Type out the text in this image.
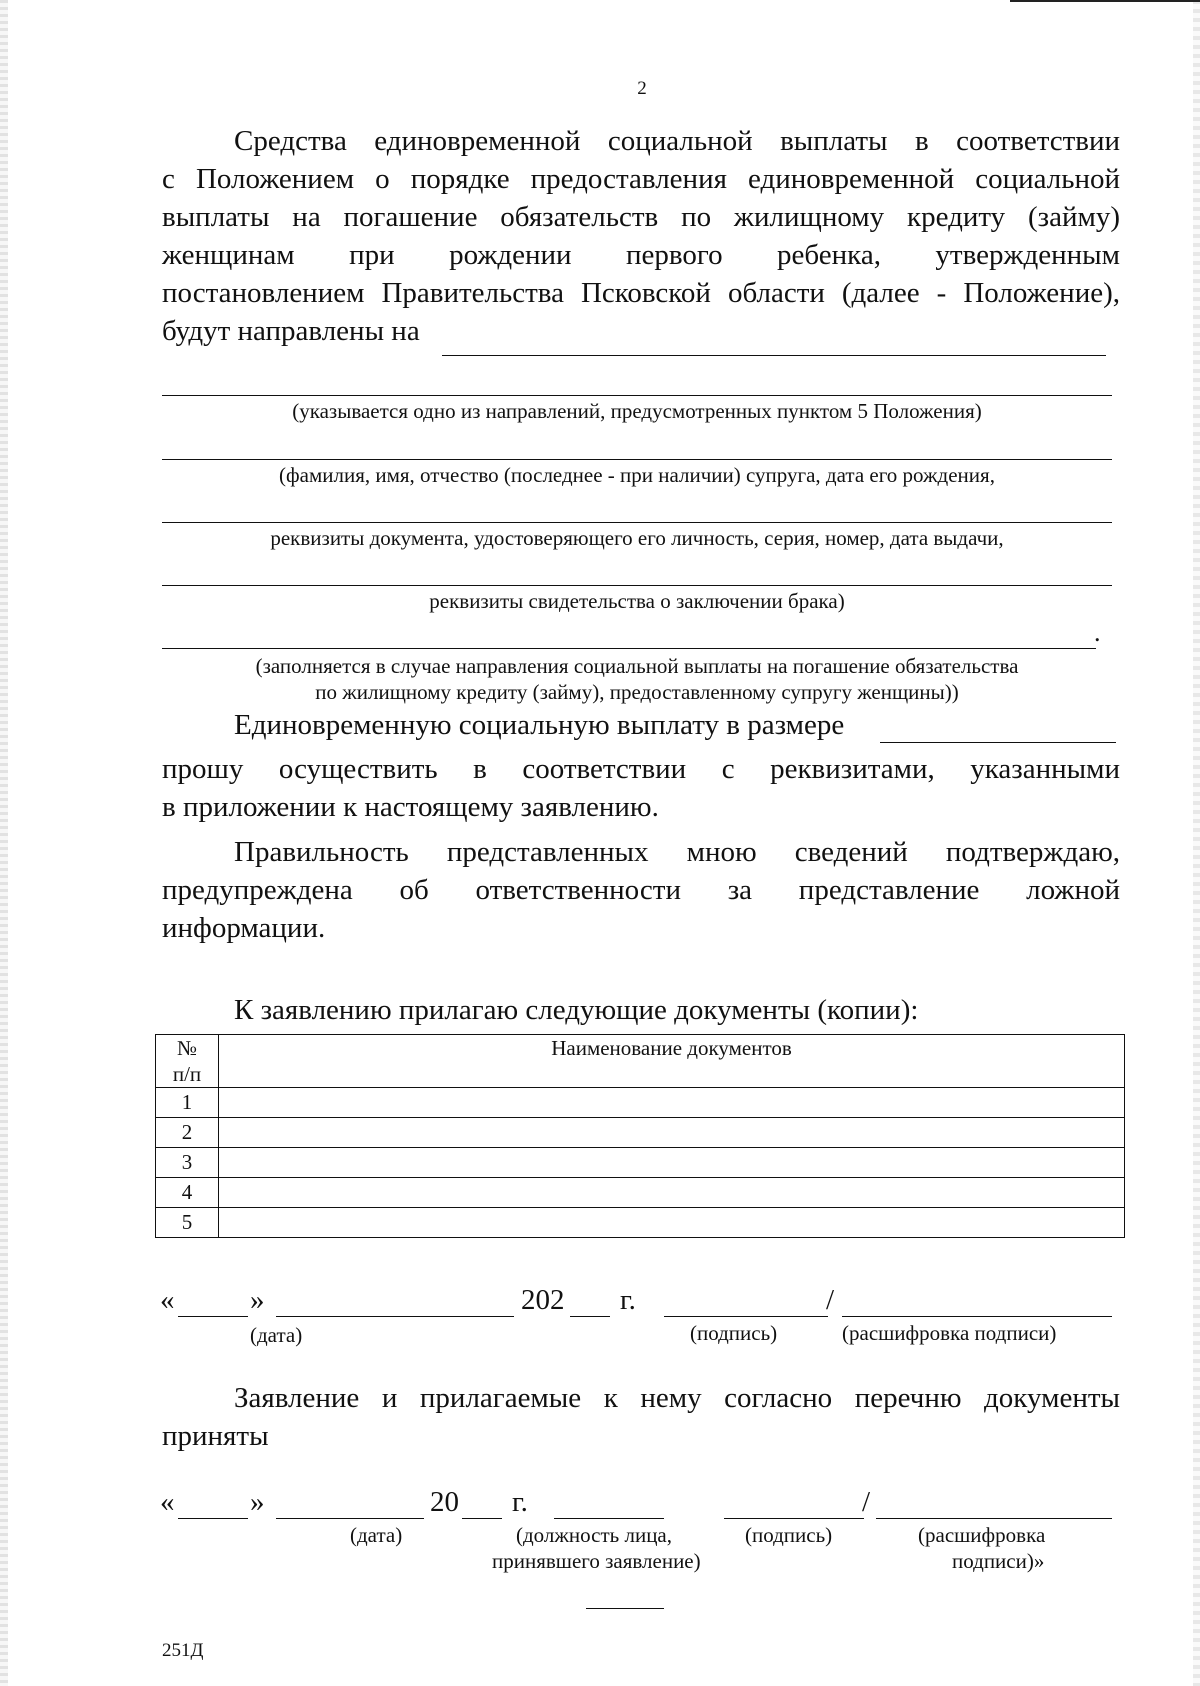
2
Средства единовременной социальной выплаты в соответствии
с Положением о порядке предоставления единовременной социальной
выплаты на погашение обязательств по жилищному кредиту (займу)
женщинам при рождении первого ребенка, утвержденным
постановлением Правительства Псковской области (далее - Положение),
будут направлены на
(указывается одно из направлений, предусмотренных пунктом 5 Положения)
(фамилия, имя, отчество (последнее - при наличии) супруга, дата его рождения,
реквизиты документа, удостоверяющего его личность, серия, номер, дата выдачи,
реквизиты свидетельства о заключении брака)
.
(заполняется в случае направления социальной выплаты на погашение обязательства
по жилищному кредиту (займу), предоставленному супругу женщины))
Единовременную социальную выплату в размере
прошу осуществить в соответствии с реквизитами, указанными
в приложении к настоящему заявлению.
Правильность представленных мною сведений подтверждаю,
предупреждена об ответственности за представление ложной
информации.
К заявлению прилагаю следующие документы (копии):
№
п/п	Наименование документов
1	
2	
3	
4	
5	
«	»	202 г.	/
(дата)	(подпись)	(расшифровка подписи)
Заявление и прилагаемые к нему согласно перечню документы
приняты
«	»	20 г.	/
(дата)	(должность лица,
принявшего заявление)
(подпись)	(расшифровка
подписи)»
251Д
